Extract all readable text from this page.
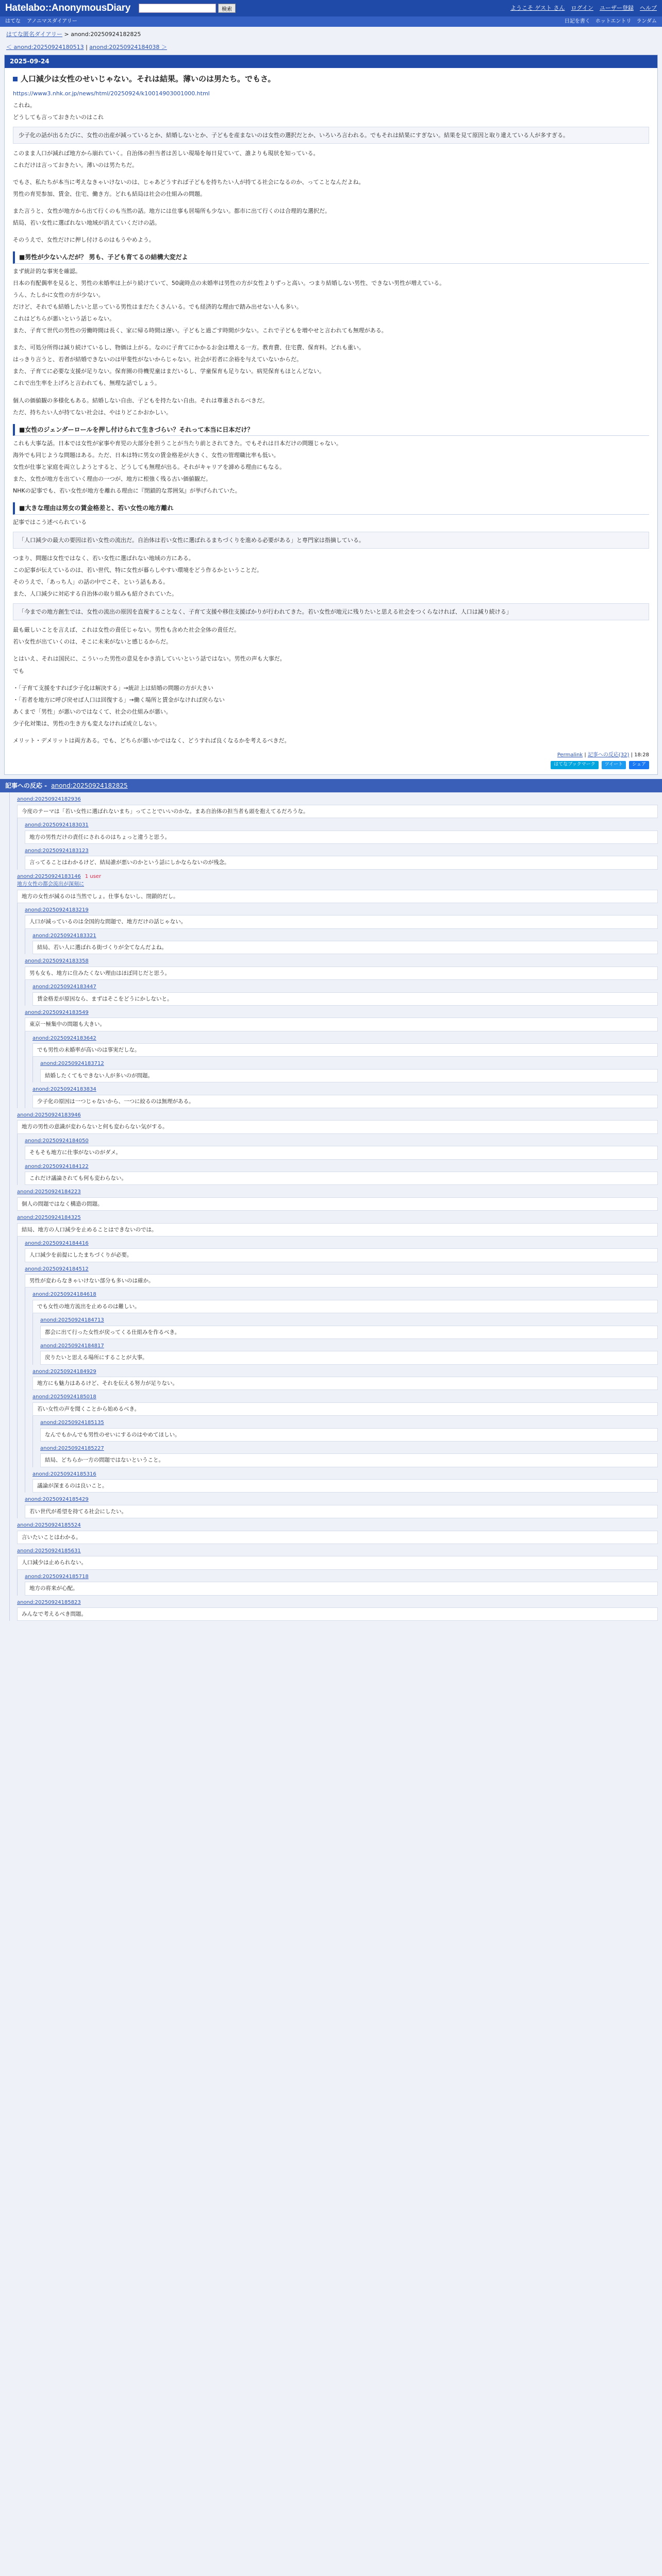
Hatelabo::AnonymousDiary	検索	ようこそ ゲスト さん ログイン ユーザー登録 ヘルプ
はてな アノニマスダイアリー	日記を書く ホットエントリ ランダム
はてな匿名ダイアリー > anond:20250924182825
＜ anond:20250924180513 | anond:20250924184038 ＞
2025-09-24
人口減少は女性のせいじゃない。それは結果。薄いのは男たち。でもさ。

https://www3.nhk.or.jp/news/html/20250924/k10014903001000.html

これね。

どうしても言っておきたいのはこれ

少子化の話が出るたびに、女性の出産が減っているとか、結婚しないとか、子どもを産まないのは女性の選択だとか、いろいろ言われる。でもそれは結果にすぎない。結果を見て原因と取り違えている人が多すぎる。

このまま人口が減れば地方から崩れていく。自治体の担当者は苦しい現場を毎日見ていて、誰よりも現状を知っている。

これだけは言っておきたい。薄いのは男たちだ。

でもさ、私たちが本当に考えなきゃいけないのは、じゃあどうすれば子どもを持ちたい人が持てる社会になるのか、ってことなんだよね。

男性の育児参加、賃金、住宅、働き方。どれも結局は社会の仕組みの問題。

また言うと、女性が地方から出て行くのも当然の話。地方には仕事も居場所も少ない。都市に出て行くのは合理的な選択だ。

結局、若い女性に選ばれない地域が消えていくだけの話。

そのうえで、女性だけに押し付けるのはもうやめよう。

■男性が少ないんだが？ 男も、子ども育てるの結構大変だよ

まず統計的な事実を確認。

日本の有配偶率を見ると、男性の未婚率は上がり続けていて、50歳時点の未婚率は男性の方が女性よりずっと高い。つまり結婚しない男性、できない男性が増えている。

うん、たしかに女性の方が少ない。

だけど、それでも結婚したいと思っている男性はまだたくさんいる。でも経済的な理由で踏み出せない人も多い。

これはどちらが悪いという話じゃない。

また、子育て世代の男性の労働時間は長く、家に帰る時間は遅い。子どもと過ごす時間が少ない。これで子どもを増やせと言われても無理がある。

また、可処分所得は減り続けているし、物価は上がる。なのに子育てにかかるお金は増える一方。教育費、住宅費、保育料。どれも重い。

はっきり言うと、若者が結婚できないのは甲斐性がないからじゃない。社会が若者に余裕を与えていないからだ。

また、子育てに必要な支援が足りない。保育園の待機児童はまだいるし、学童保育も足りない。病児保育もほとんどない。

これで出生率を上げろと言われても、無理な話でしょう。

個人の価値観の多様化もある。結婚しない自由、子どもを持たない自由。それは尊重されるべきだ。

ただ、持ちたい人が持てない社会は、やはりどこかおかしい。

■女性のジェンダーロールを押し付けられて生きづらい？それって本当に日本だけ？

これも大事な話。日本では女性が家事や育児の大部分を担うことが当たり前とされてきた。でもそれは日本だけの問題じゃない。

海外でも同じような問題はある。ただ、日本は特に男女の賃金格差が大きく、女性の管理職比率も低い。

女性が仕事と家庭を両立しようとすると、どうしても無理が出る。それがキャリアを諦める理由にもなる。

また、女性が地方を出ていく理由の一つが、地方に根強く残る古い価値観だ。

NHKの記事でも、若い女性が地方を離れる理由に『閉鎖的な雰囲気』が挙げられていた。

■大きな理由は男女の賃金格差と、若い女性の地方離れ

記事ではこう述べられている

「人口減少の最大の要因は若い女性の流出だ。自治体は若い女性に選ばれるまちづくりを進める必要がある」と専門家は指摘している。

つまり、問題は女性ではなく、若い女性に選ばれない地域の方にある。

この記事が伝えているのは、若い世代、特に女性が暮らしやすい環境をどう作るかということだ。

そのうえで、「あっち人」の話の中でこそ、という話もある。

また、人口減少に対応する自治体の取り組みも紹介されていた。

「今までの地方創生では、女性の流出の原因を直視することなく、子育て支援や移住支援ばかりが行われてきた。若い女性が地元に残りたいと思える社会をつくらなければ、人口は減り続ける」

最も厳しいことを言えば、これは女性の責任じゃない。男性も含めた社会全体の責任だ。

若い女性が出ていくのは、そこに未来がないと感じるからだ。

とはいえ、それは国民に、こういった男性の意見をかき消していいという話ではない。男性の声も大事だ。

でも

・「子育て支援をすれば少子化は解決する」→統計上は結婚の問題の方が大きい

・「若者を地方に呼び戻せば人口は回復する」→働く場所と賃金がなければ戻らない

あくまで「男性」が悪いのではなくて、社会の仕組みが悪い。

少子化対策は、男性の生き方も変えなければ成立しない。

メリット・デメリットは両方ある。でも、どちらが悪いかではなく、どうすれば良くなるかを考えるべきだ。

Permalink | 記事への反応(32) | 18:28
はてなブックマーク	ツイート	シェア
記事への反応 - anond:20250924182825
anond:20250924182936
今度のテーマは「若い女性に選ばれないまち」ってことでいいのかな。まあ自治体の担当者も頭を抱えてるだろうな。
anond:20250924183031
地方の男性だけの責任にされるのはちょっと違うと思う。
anond:20250924183123
言ってることはわかるけど、結局誰が悪いのかという話にしかならないのが残念。
anond:20250924183146 1 user
地方女性の都会流出が深刻に
地方の女性が減るのは当然でしょ。仕事もないし、閉鎖的だし。
anond:20250924183219
人口が減っているのは全国的な問題で、地方だけの話じゃない。
anond:20250924183321
結局、若い人に選ばれる街づくりが全てなんだよね。
anond:20250924183358
男も女も、地方に住みたくない理由はほぼ同じだと思う。
anond:20250924183447
賃金格差が原因なら、まずはそこをどうにかしないと。
anond:20250924183549
東京一極集中の問題も大きい。
anond:20250924183642
でも男性の未婚率が高いのは事実だしな。
anond:20250924183712
結婚したくてもできない人が多いのが問題。
anond:20250924183834
少子化の原因は一つじゃないから、一つに絞るのは無理がある。
anond:20250924183946
地方の男性の意識が変わらないと何も変わらない気がする。
anond:20250924184050
そもそも地方に仕事がないのがダメ。
anond:20250924184122
これだけ議論されても何も変わらない。
anond:20250924184223
個人の問題ではなく構造の問題。
anond:20250924184325
結局、地方の人口減少を止めることはできないのでは。
anond:20250924184416
人口減少を前提にしたまちづくりが必要。
anond:20250924184512
男性が変わらなきゃいけない部分も多いのは確か。
anond:20250924184618
でも女性の地方流出を止めるのは難しい。
anond:20250924184713
都会に出て行った女性が戻ってくる仕組みを作るべき。
anond:20250924184817
戻りたいと思える場所にすることが大事。
anond:20250924184929
地方にも魅力はあるけど、それを伝える努力が足りない。
anond:20250924185018
若い女性の声を聞くことから始めるべき。
anond:20250924185135
なんでもかんでも男性のせいにするのはやめてほしい。
anond:20250924185227
結局、どちらか一方の問題ではないということ。
anond:20250924185316
議論が深まるのは良いこと。
anond:20250924185429
若い世代が希望を持てる社会にしたい。
anond:20250924185524
言いたいことはわかる。
anond:20250924185631
人口減少は止められない。
anond:20250924185718
地方の将来が心配。
anond:20250924185823
みんなで考えるべき問題。
